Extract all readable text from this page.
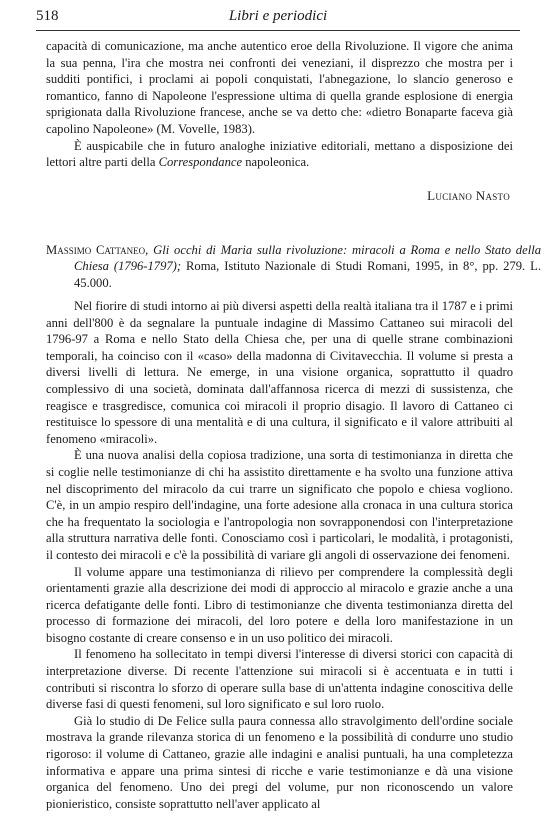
518	Libri e periodici

capacità di comunicazione, ma anche autentico eroe della Rivoluzione. Il vigore che anima la sua penna, l'ira che mostra nei confronti dei veneziani, il disprezzo che mostra per i sudditi pontifici, i proclami ai popoli conquistati, l'abnegazione, lo slancio generoso e romantico, fanno di Napoleone l'espressione ultima di quella grande esplosione di energia sprigionata dalla Rivoluzione francese, anche se va detto che: «dietro Bonaparte faceva già capolino Napoleone» (M. Vovelle, 1983).

È auspicabile che in futuro analoghe iniziative editoriali, mettano a disposizione dei lettori altre parti della Correspondance napoleonica.

Luciano Nasto
Massimo Cattaneo, Gli occhi di Maria sulla rivoluzione: miracoli a Roma e nello Stato della Chiesa (1796-1797); Roma, Istituto Nazionale di Studi Romani, 1995, in 8°, pp. 279. L. 45.000.

Nel fiorire di studi intorno ai più diversi aspetti della realtà italiana tra il 1787 e i primi anni dell'800 è da segnalare la puntuale indagine di Massimo Cattaneo sui miracoli del 1796-97 a Roma e nello Stato della Chiesa che, per una di quelle strane combinazioni temporali, ha coinciso con il «caso» della madonna di Civitavecchia. Il volume si presta a diversi livelli di lettura. Ne emerge, in una visione organica, soprattutto il quadro complessivo di una società, dominata dall'affannosa ricerca di mezzi di sussistenza, che reagisce e trasgredisce, comunica coi miracoli il proprio disagio. Il lavoro di Cattaneo ci restituisce lo spessore di una mentalità e di una cultura, il significato e il valore attribuiti al fenomeno «miracoli».

È una nuova analisi della copiosa tradizione, una sorta di testimonianza in diretta che si coglie nelle testimonianze di chi ha assistito direttamente e ha svolto una funzione attiva nel discoprimento del miracolo da cui trarre un significato che popolo e chiesa vogliono. C'è, in un ampio respiro dell'indagine, una forte adesione alla cronaca in una cultura storica che ha frequentato la sociologia e l'antropologia non sovrapponendosi con l'interpretazione alla struttura narrativa delle fonti. Conosciamo così i particolari, le modalità, i protagonisti, il contesto dei miracoli e c'è la possibilità di variare gli angoli di osservazione dei fenomeni.

Il volume appare una testimonianza di rilievo per comprendere la complessità degli orientamenti grazie alla descrizione dei modi di approccio al miracolo e grazie anche a una ricerca defatigante delle fonti. Libro di testimonianze che diventa testimonianza diretta del processo di formazione dei miracoli, del loro potere e della loro manifestazione in un bisogno costante di creare consenso e in un uso politico dei miracoli.

Il fenomeno ha sollecitato in tempi diversi l'interesse di diversi storici con capacità di interpretazione diverse. Di recente l'attenzione sui miracoli si è accentuata e in tutti i contributi si riscontra lo sforzo di operare sulla base di un'attenta indagine conoscitiva delle diverse fasi di questi fenomeni, sul loro significato e sul loro ruolo.

Già lo studio di De Felice sulla paura connessa allo stravolgimento dell'ordine sociale mostrava la grande rilevanza storica di un fenomeno e la possibilità di condurre uno studio rigoroso: il volume di Cattaneo, grazie alle indagini e analisi puntuali, ha una completezza informativa e appare una prima sintesi di ricche e varie testimonianze e dà una visione organica del fenomeno. Uno dei pregi del volume, pur non riconoscendo un valore pionieristico, consiste soprattutto nell'aver applicato al
